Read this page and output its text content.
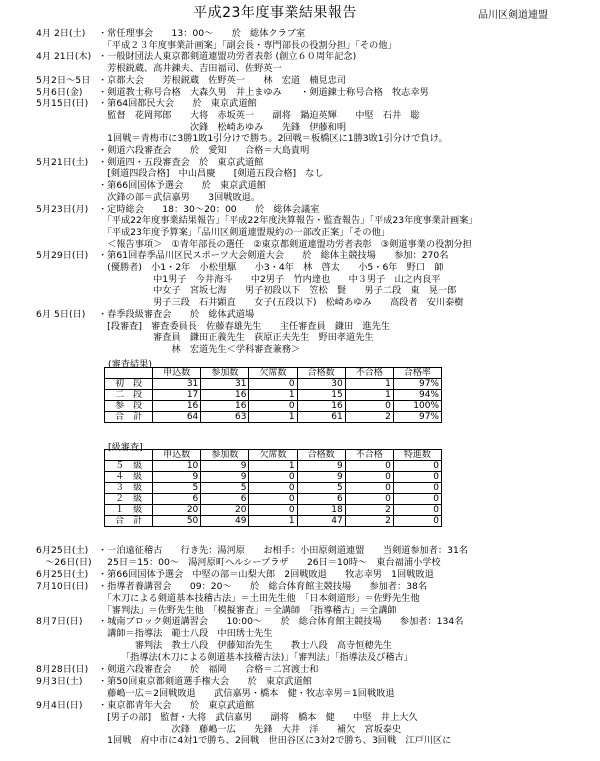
平成23年度事業結果報告	品川区剣道連盟
4月 2日(土) ・常任理事会　　13：00～　　於　総体クラブ室
　「平成２３年度事業計画案」「副会長・専門部長の役割分担」「その他」
4月 21日(木) ・一般財団法人東京都剣道連盟功労者表彰 (創立６０周年記念)
　芳根鋭蔵、高井錬夫、吉田福司、佐野英一
5月2日～5日 ・京都大会　　芳根鋭蔵　佐野英一　　林　宏道　楠見忠司
5月6日(金) ・剣道教士称号合格　大森久男　井上まゆみ　　・剣道錬士称号合格　牧志幸男
5月15日(日) ・第64回都民大会　　於　東京武道館
　監督　花岡邦郎　　大将　赤坂英一　　副将　鍋迫英輝　　中堅　石井　聡
　　　　　　　　　　次鋒　松崎あゆみ　　先鋒　伊藤和明
　1回戦＝青梅市に3勝1敗1引分けで勝ち。2回戦＝板橋区に1勝3敗1引分けで負け。
・剣道六段審査会　　於　愛知　　合格＝大島貴明
5月21日(土) ・剣道四・五段審査会　於　東京武道館
　[剣道四段合格]　中山昌慶　　[剣道五段合格]　なし
・第66回国体予選会　　於　東京武道館
　次鋒の部＝武信嘉男　　3回戦敗退。
5月23日(月) ・定時総会　　18：30～20：00　　於　総体会議室
　「平成22年度事業結果報告」「平成22年度決算報告・監査報告」「平成23年度事業計画案」
　「平成23年度予算案」「品川区剣道連盟規約の一部改正案」「その他」
　＜報告事項＞　①青年部長の選任　②東京都剣道連盟功労者表彰　③剣道事業の役割分担
5月29日(日) ・第61回春季品川区民スポーツ大会剣道大会　　於　総体主競技場　　参加：270名
　(優勝者)　小1・2年　小松里駆　　小3・4年　林　啓太　　小5・6年　野口　師
　　　　　　中1男子　今井海斗　　中2男子　竹内達也　　中３男子　山之内良平
　　　　　　中女子　宮坂七海　　男子初段以下　笠松　賢　　男子二段　東　晃一郎
　　　　　　男子三段　石井顕直　　女子(五段以下)　松崎あゆみ　　高段者　安川泰樹
6月 5日(日) ・春季段級審査会　　於　総体武道場
　[段審査]　審査委員長　佐藤春雄先生　　主任審査員　鎌田　進先生
　　　　　　審査員　鎌田正義先生　荻原正夫先生　野田孝道先生
　　　　　　　　林　宏道先生＜学科審査兼務＞
(審査結果)
	申込数	参加数	欠席数	合格数	不合格	合格率
初　段	31	31	0	30	1	97%
二　段	17	16	1	15	1	94%
参　段	16	16	0	16	0	100%
合　計	64	63	1	61	2	97%
[級審査]
	申込数	参加数	欠席数	合格数	不合格	特進数
５　級	10	9	1	9	0	0
４　級	9	9	0	9	0	0
３　級	5	5	0	5	0	0
２　級	6	6	0	6	0	0
１　級	20	20	0	18	2	0
合　計	50	49	1	47	2	0
6月25日(土) ・一泊遠征稽古　　行き先：湯河原　　お相手：小田原剣道連盟　　当剣道参加者：31名
　～26日(日) 　25日＝15：00～　湯河原町ヘルシープラザ　　26日＝10時～　東台福浦小学校
6月25日(土) ・第66回国体予選会　中堅の部＝山梨大郎　2回戦敗退　　牧志幸男　1回戦敗退
7月10日(日) ・指導者養講習会　　09：20～　　於　総合体育館主競技場　　参加者：38名
　「木刀による剣道基本技稽古法」＝土田先生他　「日本剣道形」＝佐野先生他
　「審判法」＝佐野先生他　「模擬審査」＝全講師　「指導稽古」＝全講師
8月7日(日) ・城南ブロック剣道講習会　　10:00～　　於　総合体育館主競技場　　参加者：134名
　講師＝指導法　範士八段　中田琇士先生
　　　　審判法　教士八段　伊藤知治先生　　教士八段　高寺恒穂先生
　　　「指導法(木刀による剣道基本技稽古法)」「審判法」「指導法及び稽古」
8月28日(日) ・剣道六段審査会　　於　福岡　　合格＝二宮渡士和
9月3日(土) ・第50回東京都剣道選手権大会　　於　東京武道館
　藤嶋一広＝2回戦敗退　　武信嘉男・橋本　健・牧志幸男＝1回戦敗退
9月4日(日) ・東京都青年大会　　於　東京武道館
　[男子の部]　監督・大将　武信嘉男　　副将　橋本　健　　中堅　井上大久
　　　　　　　　次鋒　藤嶋一広　　先鋒　大井　洋　　補欠　宮坂泰史
　1回戦　府中市に4対1で勝ち、2回戦　世田谷区に3対2で勝ち、3回戦　江戸川区に
